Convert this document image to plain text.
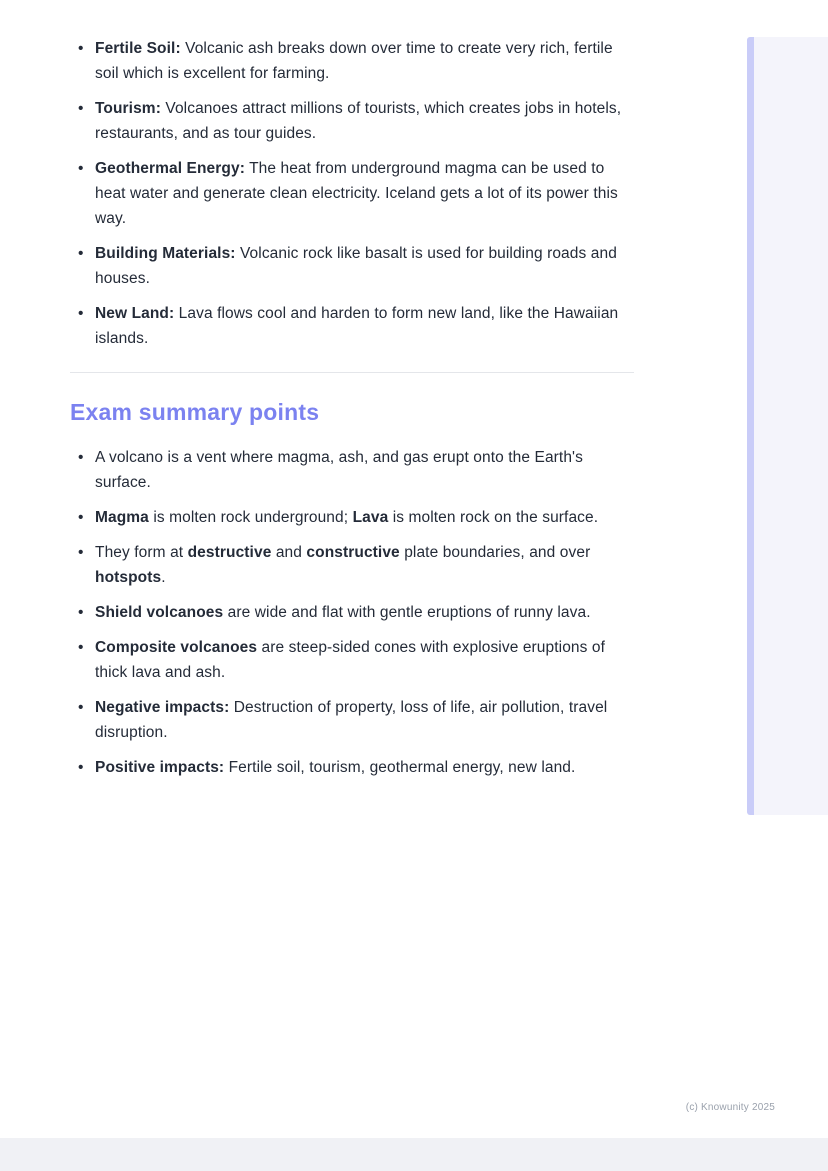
• Fertile Soil: Volcanic ash breaks down over time to create very rich, fertile soil which is excellent for farming.
• Tourism: Volcanoes attract millions of tourists, which creates jobs in hotels, restaurants, and as tour guides.
• Geothermal Energy: The heat from underground magma can be used to heat water and generate clean electricity. Iceland gets a lot of its power this way.
• Building Materials: Volcanic rock like basalt is used for building roads and houses.
• New Land: Lava flows cool and harden to form new land, like the Hawaiian islands.
Exam summary points
• A volcano is a vent where magma, ash, and gas erupt onto the Earth's surface.
• Magma is molten rock underground; Lava is molten rock on the surface.
• They form at destructive and constructive plate boundaries, and over hotspots.
• Shield volcanoes are wide and flat with gentle eruptions of runny lava.
• Composite volcanoes are steep-sided cones with explosive eruptions of thick lava and ash.
• Negative impacts: Destruction of property, loss of life, air pollution, travel disruption.
• Positive impacts: Fertile soil, tourism, geothermal energy, new land.
(c) Knowunity 2025
